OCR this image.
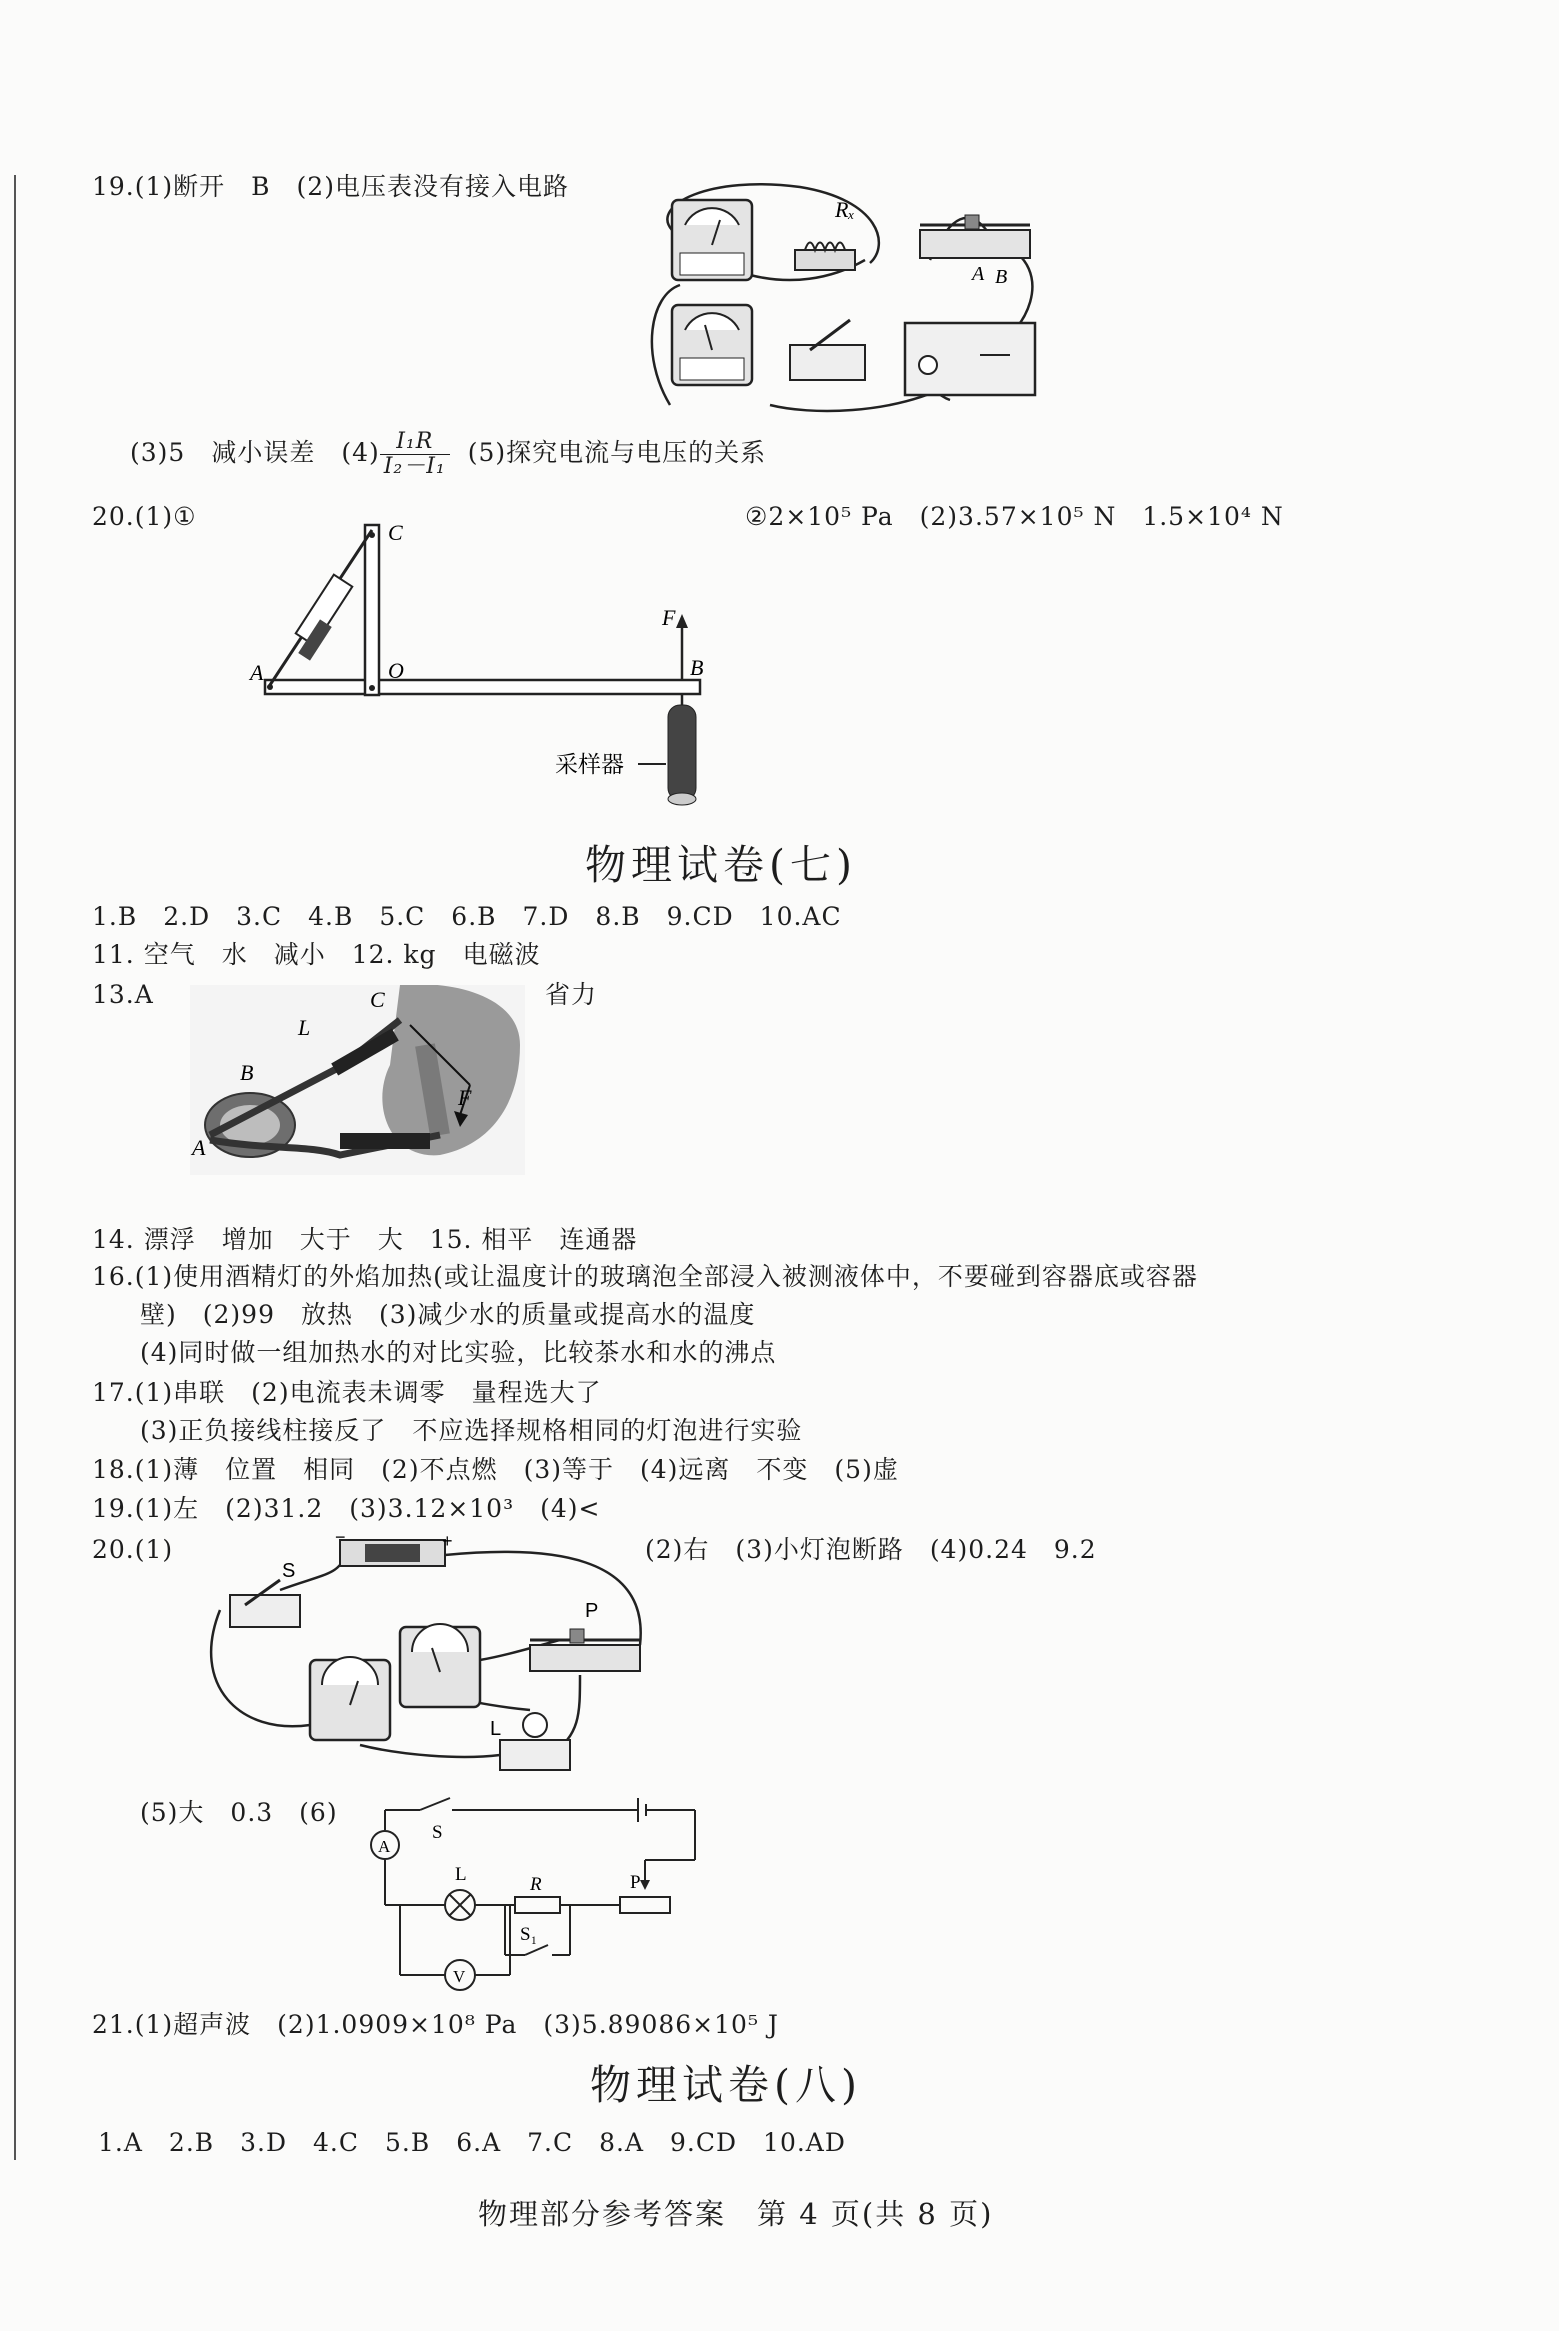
19.(1)断开　B　(2)电压表没有接入电路
Rₓ
A B
(3)5　减小误差　$(4) \frac{\text{I₁R}}{\text{I₂－I₁}} (5)$探究电流与电压的关系
20.(1)①	②2×10⁵ Pa　(2)3.57×10⁵ N　1.5×10⁴ N
C
A	O
F
B
采样器
物理试卷(七)
1.B　2.D　3.C　4.B　5.C　6.B　7.D　8.B　9.CD　10.AC
11. 空气　水　减小　12. kg　电磁波
13.A	省力
C
L
B
F
A
14. 漂浮　增加　大于　大　15. 相平　连通器
16.(1)使用酒精灯的外焰加热(或让温度计的玻璃泡全部浸入被测液体中，不要碰到容器底或容器
壁)　(2)99　放热　(3)减少水的质量或提高水的温度
(4)同时做一组加热水的对比实验，比较茶水和水的沸点
17.(1)串联　(2)电流表未调零　量程选大了
(3)正负接线柱接反了　不应选择规格相同的灯泡进行实验
18.(1)薄　位置　相同　(2)不点燃　(3)等于　(4)远离　不变　(5)虚
19.(1)左　(2)31.2　(3)3.12×10³　(4)<
20.(1)	(2)右　(3)小灯泡断路　(4)0.24　9.2
S
P
L
−	+
(5)大　0.3　(6)
S
A
L	R	P
S₁
V
21.(1)超声波　(2)1.0909×10⁸ Pa　(3)5.89086×10⁵ J
物理试卷(八)
1.A　2.B　3.D　4.C　5.B　6.A　7.C　8.A　9.CD　10.AD
物理部分参考答案　第 4 页(共 8 页)
